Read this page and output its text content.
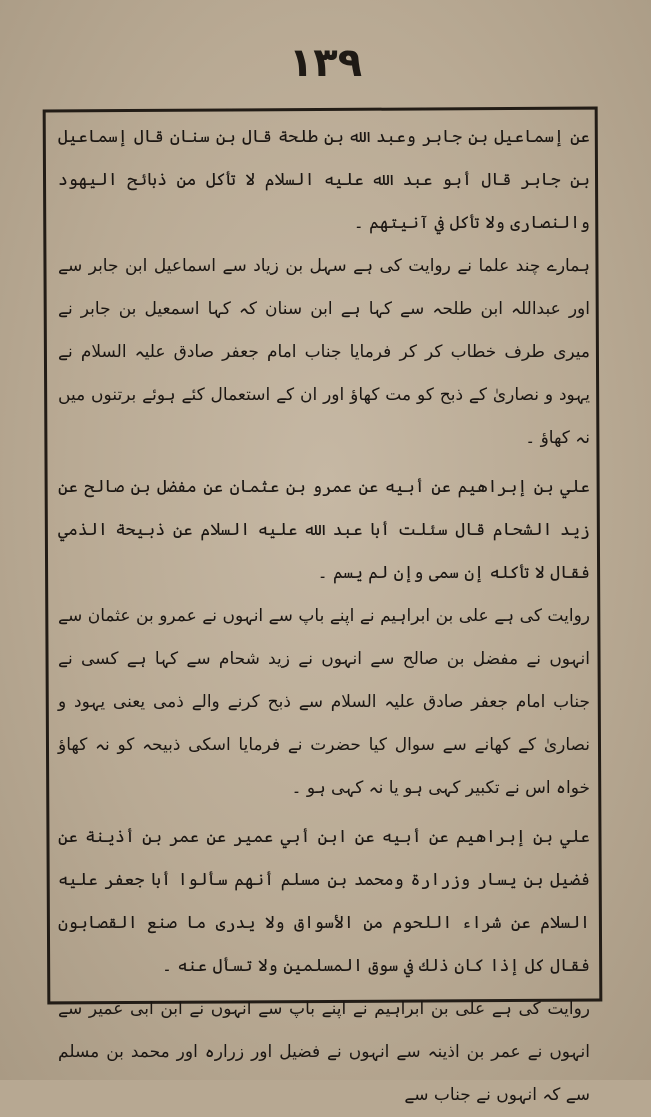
۱۳۹

عن إسماعيل بن جابر وعبد الله بن طلحة قال بن سنان قال إسماعيل بن جابر قال أبو عبد الله عليه السلام لا تأكل من ذبائح اليهود والنصارى ولا تأكل في آنيتهم ۔

ہمارے چند علما نے روایت کی ہے سہل بن زیاد سے اسماعیل ابن جابر سے اور عبداللہ ابن طلحہ سے کہا ہے ابن سنان کہ کہا اسمعیل بن جابر نے میری طرف خطاب کر کر فرمایا جناب امام جعفر صادق علیہ السلام نے یہود و نصاریٰ کے ذبح کو مت کھاؤ اور ان کے استعمال کئے ہوئے برتنوں میں نہ کھاؤ ۔

علي بن إبراهيم عن أبيه عن عمرو بن عثمان عن مفضل بن صالح عن زيد الشحام قال سئلت أبا عبد الله عليه السلام عن ذبيحة الذمي فقال لا تأكله إن سمى وإن لم يسم ۔

روایت کی ہے علی بن ابراہیم نے اپنے باپ سے انہوں نے عمرو بن عثمان سے انہوں نے مفضل بن صالح سے انہوں نے زید شحام سے کہا ہے کسی نے جناب امام جعفر صادق علیہ السلام سے ذبح کرنے والے ذمی یعنی یہود و نصاریٰ کے کھانے سے سوال کیا حضرت نے فرمایا اسکی ذبیحہ کو نہ کھاؤ خواہ اس نے تکبیر کہی ہو یا نہ کہی ہو ۔

علي بن إبراهيم عن أبيه عن ابن أبي عمير عن عمر بن أذينة عن فضيل بن يسار وزرارة ومحمد بن مسلم أنهم سألوا أبا جعفر عليه السلام عن شراء اللحوم من الأسواق ولا يدرى ما صنع القصابون فقال كل إذا كان ذلك في سوق المسلمين ولا تسأل عنه ۔

روایت کی ہے علی بن ابراہیم نے اپنے باپ سے انہوں نے ابن ابی عمیر سے انہوں نے عمر بن اذینہ سے انہوں نے فضیل اور زرارہ اور محمد بن مسلم سے کہ انہوں نے جناب سے
